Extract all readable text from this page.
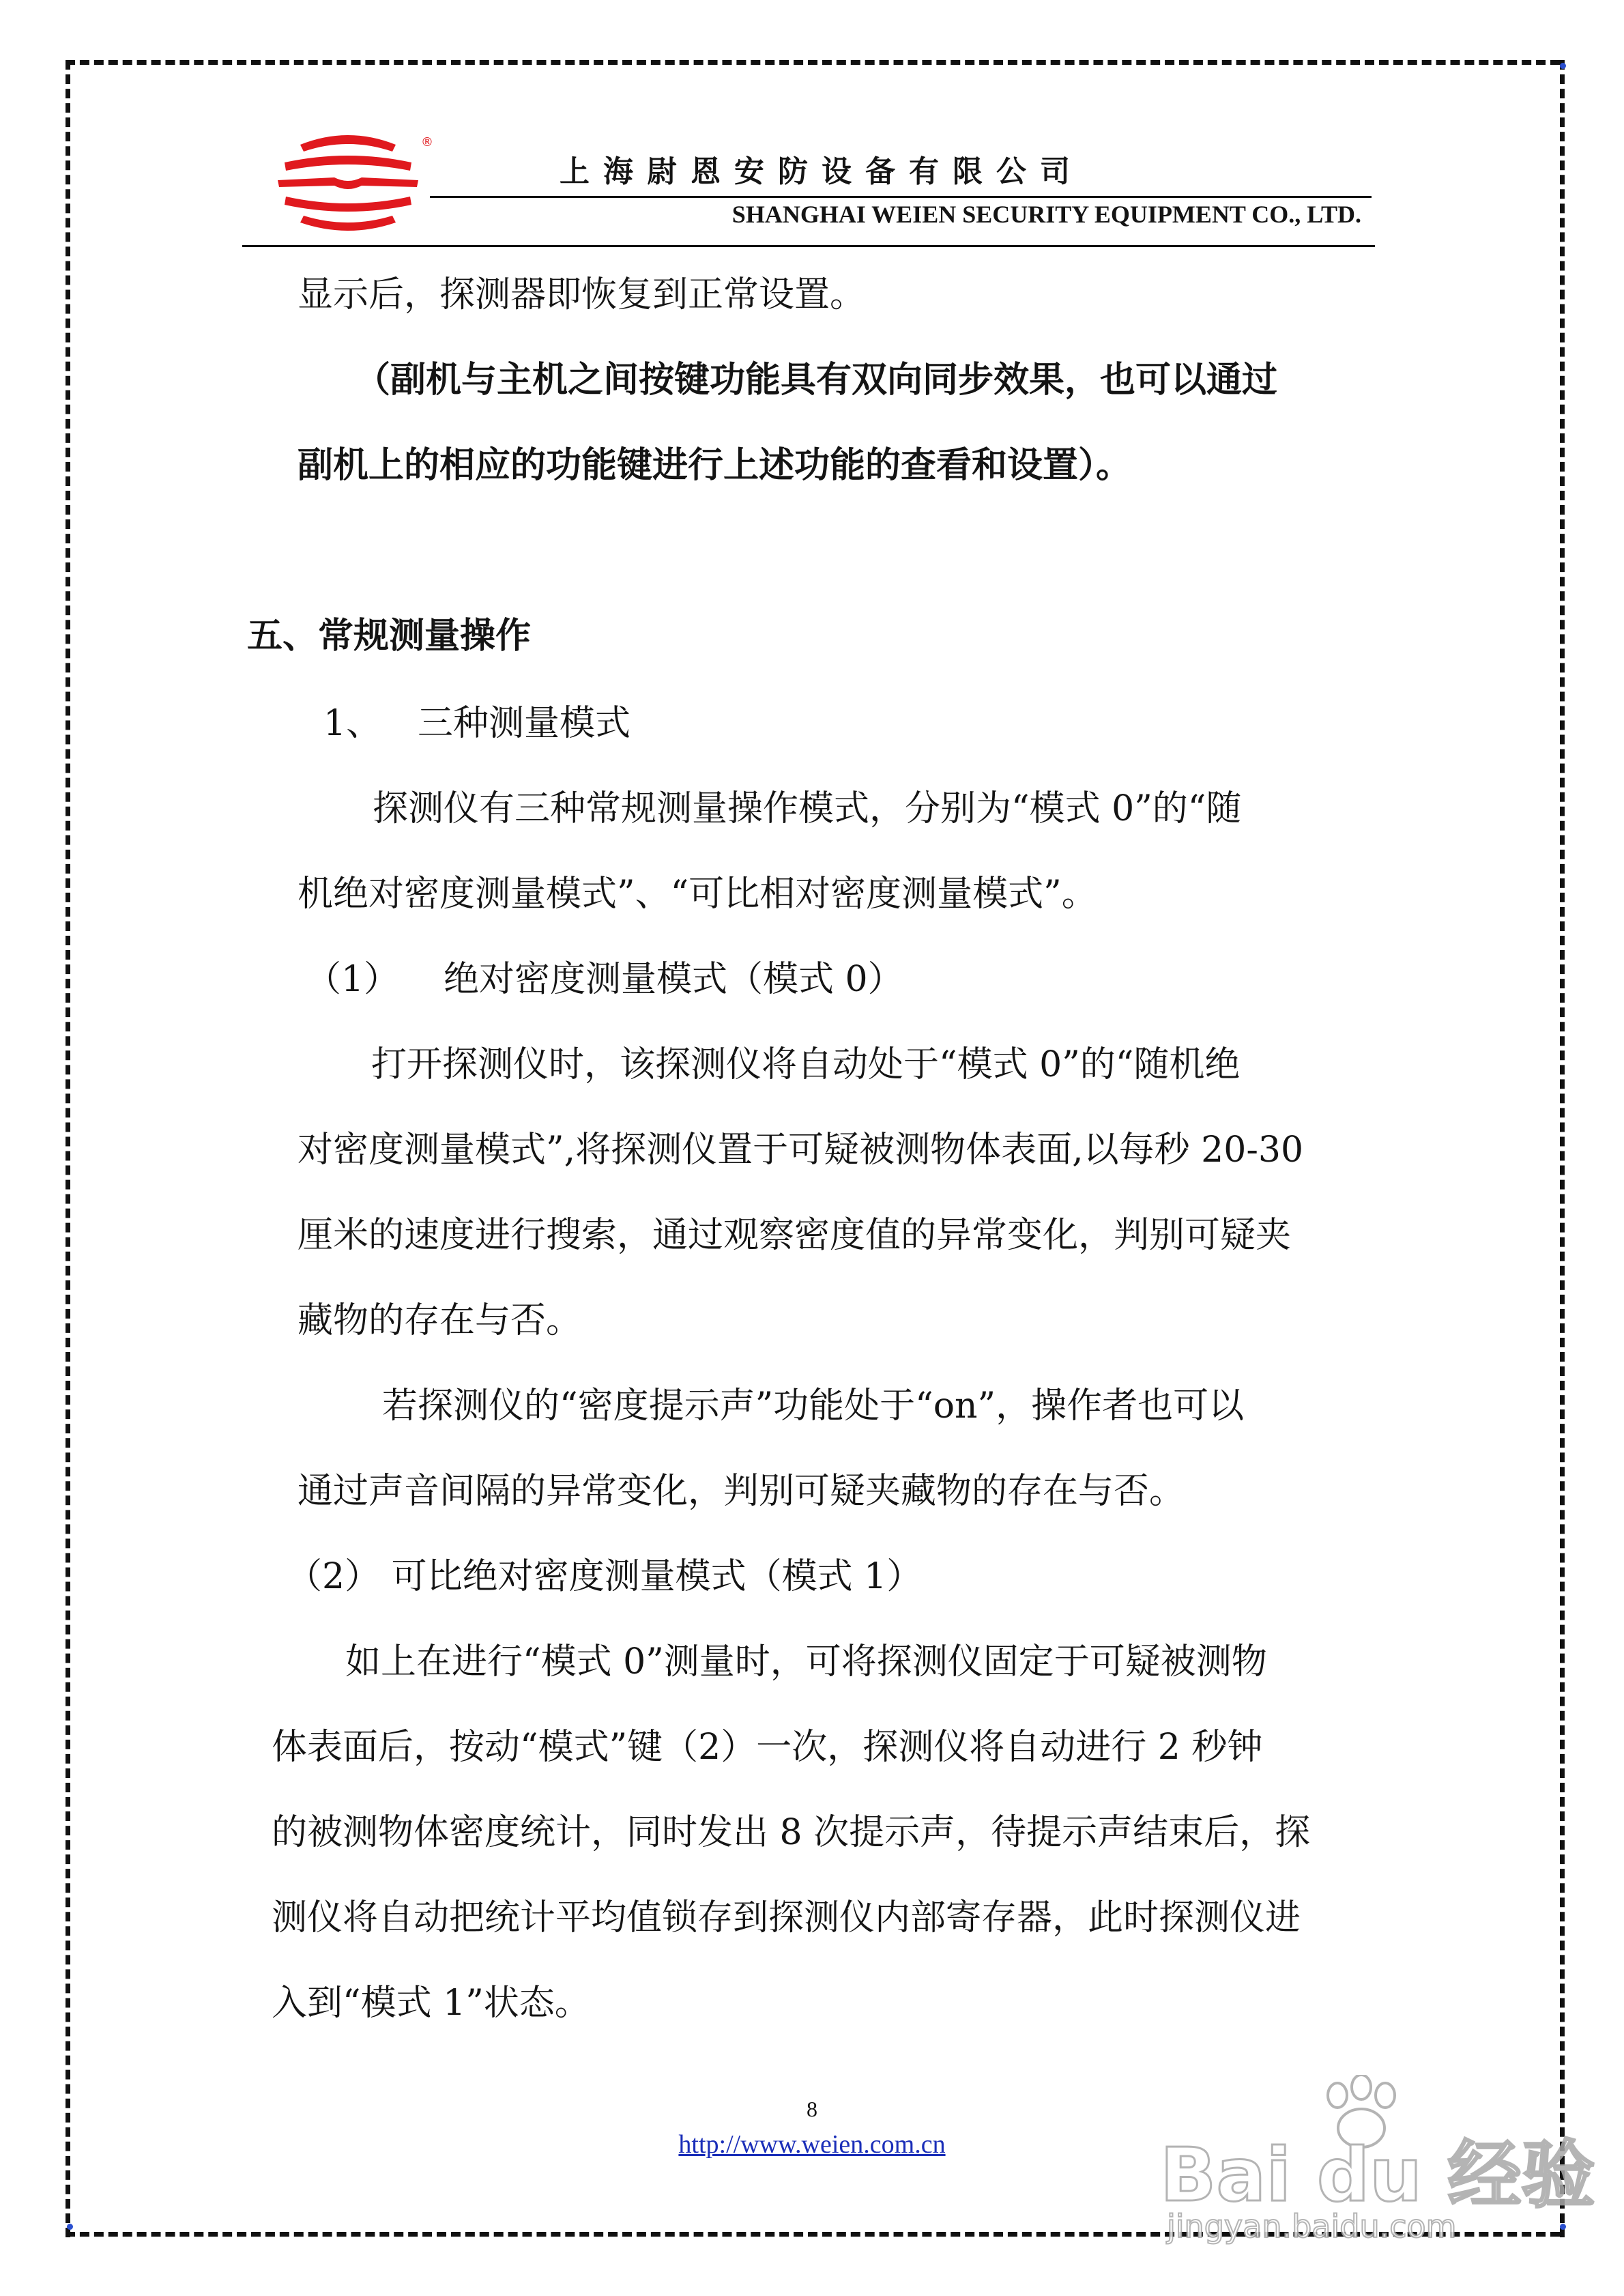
®
上海尉恩安防设备有限公司
SHANGHAI WEIEN SECURITY EQUIPMENT CO., LTD.
显示后，探测器即恢复到正常设置。
（副机与主机之间按键功能具有双向同步效果，也可以通过
副机上的相应的功能键进行上述功能的查看和设置）。
五、常规测量操作
1、 三种测量模式
探测仪有三种常规测量操作模式，分别为“模式 0”的“随
机绝对密度测量模式”、“可比相对密度测量模式”。
（1） 绝对密度测量模式（模式 0）
打开探测仪时，该探测仪将自动处于“模式 0”的“随机绝
对密度测量模式”,将探测仪置于可疑被测物体表面,以每秒 20-30
厘米的速度进行搜索，通过观察密度值的异常变化，判别可疑夹
藏物的存在与否。
若探测仪的“密度提示声”功能处于“on”，操作者也可以
通过声音间隔的异常变化，判别可疑夹藏物的存在与否。
（2） 可比绝对密度测量模式（模式 1）
如上在进行“模式 0”测量时，可将探测仪固定于可疑被测物
体表面后，按动“模式”键（2）一次，探测仪将自动进行 2 秒钟
的被测物体密度统计，同时发出 8 次提示声，待提示声结束后，探
测仪将自动把统计平均值锁存到探测仪内部寄存器，此时探测仪进
入到“模式 1”状态。
8
http://www.weien.com.cn	Bai du 经验
jingyan.baidu.com
